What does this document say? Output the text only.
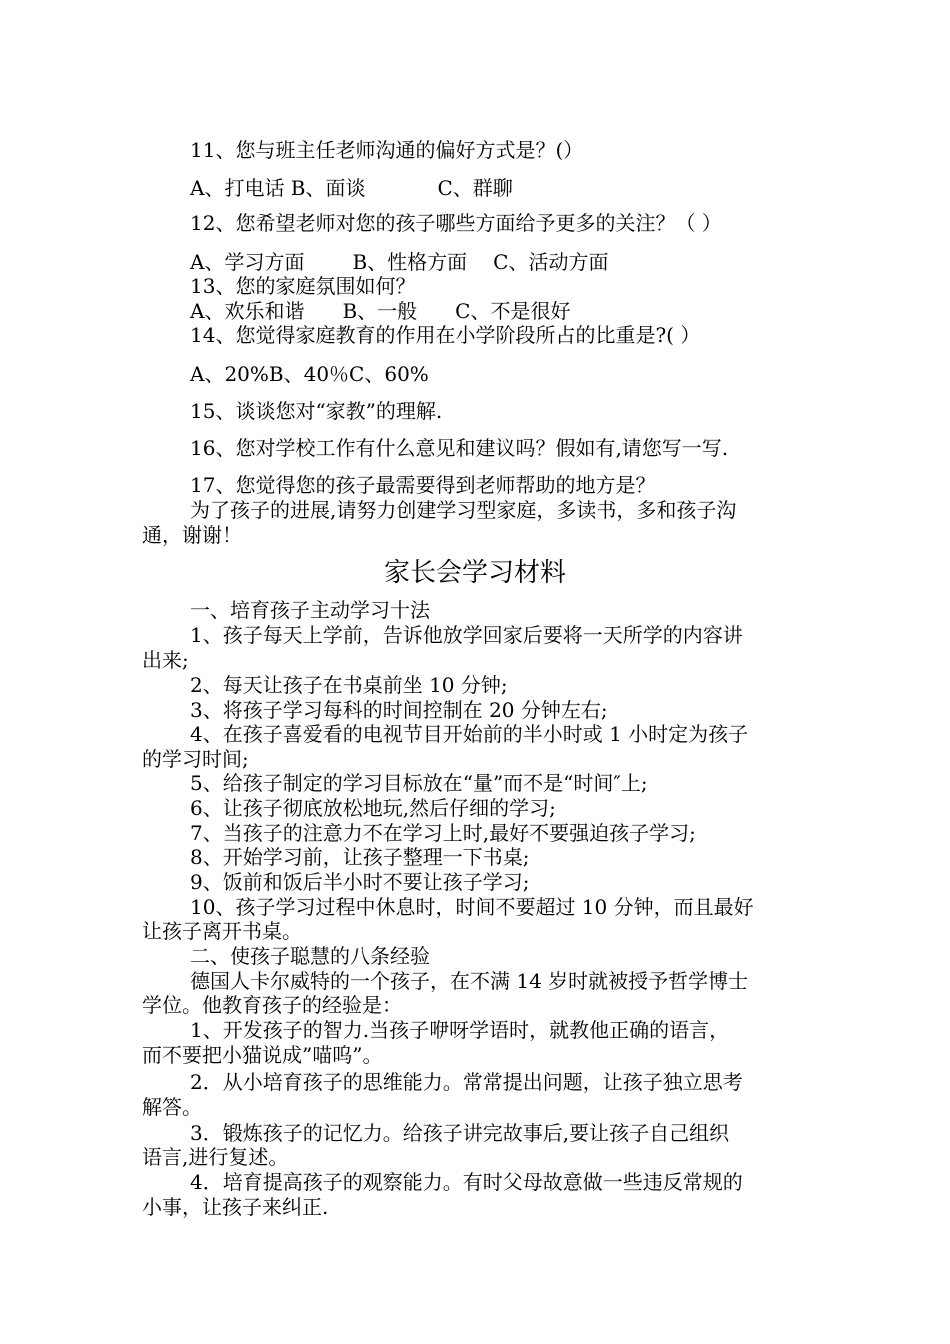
11、您与班主任老师沟通的偏好方式是？(）
A、打电话 B、面谈	C、群聊
12、您希望老师对您的孩子哪些方面给予更多的关注？（ ）
A、学习方面 B、性格方面 C、活动方面
13、您的家庭氛围如何？
A、欢乐和谐 B、一般 C、不是很好
14、您觉得家庭教育的作用在小学阶段所占的比重是?( ）
A、20%B、40％C、60%
15、谈谈您对“家教”的理解.
16、您对学校工作有什么意见和建议吗？假如有,请您写一写.
17、您觉得您的孩子最需要得到老师帮助的地方是？
为了孩子的进展,请努力创建学习型家庭，多读书，多和孩子沟
通，谢谢！
家长会学习材料
一、培育孩子主动学习十法
1、孩子每天上学前，告诉他放学回家后要将一天所学的内容讲
出来;
2、每天让孩子在书桌前坐 10 分钟;
3、将孩子学习每科的时间控制在 20 分钟左右;
4、在孩子喜爱看的电视节目开始前的半小时或 1 小时定为孩子
的学习时间;
5、给孩子制定的学习目标放在“量”而不是“时间″上;
6、让孩子彻底放松地玩,然后仔细的学习;
7、当孩子的注意力不在学习上时,最好不要强迫孩子学习;
8、开始学习前，让孩子整理一下书桌;
9、饭前和饭后半小时不要让孩子学习;
10、孩子学习过程中休息时，时间不要超过 10 分钟，而且最好
让孩子离开书桌。
二、使孩子聪慧的八条经验
德国人卡尔威特的一个孩子，在不满 14 岁时就被授予哲学博士
学位。他教育孩子的经验是：
1、开发孩子的智力.当孩子咿呀学语时，就教他正确的语言，
而不要把小猫说成”喵呜”。
2．从小培育孩子的思维能力。常常提出问题，让孩子独立思考
解答。
3．锻炼孩子的记忆力。给孩子讲完故事后,要让孩子自己组织
语言,进行复述。
4．培育提高孩子的观察能力。有时父母故意做一些违反常规的
小事，让孩子来纠正.
